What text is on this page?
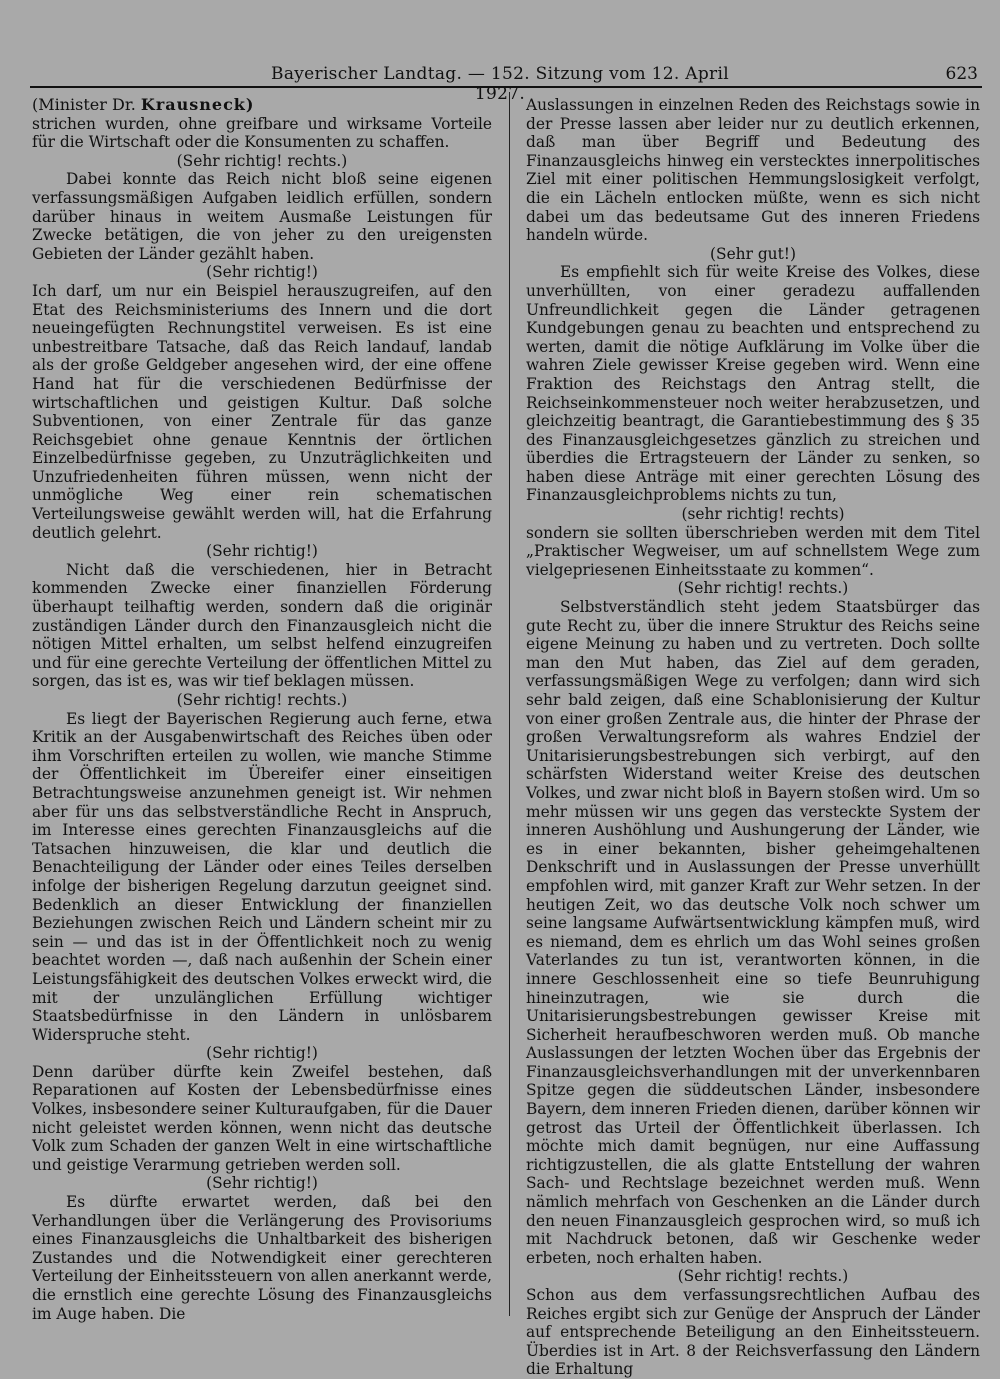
Bayerischer Landtag. — 152. Sitzung vom 12. April 1927.
623

(Minister Dr. Krausneck)

strichen wurden, ohne greifbare und wirksame Vorteile für die Wirtschaft oder die Konsumenten zu schaffen.

(Sehr richtig! rechts.)

Dabei konnte das Reich nicht bloß seine eigenen verfassungsmäßigen Aufgaben leidlich erfüllen, sondern darüber hinaus in weitem Ausmaße Leistungen für Zwecke betätigen, die von jeher zu den ureigensten Gebieten der Länder gezählt haben.

(Sehr richtig!)

Ich darf, um nur ein Beispiel herauszugreifen, auf den Etat des Reichsministeriums des Innern und die dort neueingefügten Rechnungstitel verweisen. Es ist eine unbestreitbare Tatsache, daß das Reich landauf, landab als der große Geldgeber angesehen wird, der eine offene Hand hat für die verschiedenen Bedürfnisse der wirtschaftlichen und geistigen Kultur. Daß solche Subventionen, von einer Zentrale für das ganze Reichsgebiet ohne genaue Kenntnis der örtlichen Einzelbedürfnisse gegeben, zu Unzuträglichkeiten und Unzufriedenheiten führen müssen, wenn nicht der unmögliche Weg einer rein schematischen Verteilungsweise gewählt werden will, hat die Erfahrung deutlich gelehrt.

(Sehr richtig!)

Nicht daß die verschiedenen, hier in Betracht kommenden Zwecke einer finanziellen Förderung überhaupt teilhaftig werden, sondern daß die originär zuständigen Länder durch den Finanzausgleich nicht die nötigen Mittel erhalten, um selbst helfend einzugreifen und für eine gerechte Verteilung der öffentlichen Mittel zu sorgen, das ist es, was wir tief beklagen müssen.

(Sehr richtig! rechts.)

Es liegt der Bayerischen Regierung auch ferne, etwa Kritik an der Ausgabenwirtschaft des Reiches üben oder ihm Vorschriften erteilen zu wollen, wie manche Stimme der Öffentlichkeit im Übereifer einer einseitigen Betrachtungsweise anzunehmen geneigt ist. Wir nehmen aber für uns das selbstverständliche Recht in Anspruch, im Interesse eines gerechten Finanzausgleichs auf die Tatsachen hinzuweisen, die klar und deutlich die Benachteiligung der Länder oder eines Teiles derselben infolge der bisherigen Regelung darzutun geeignet sind. Bedenklich an dieser Entwicklung der finanziellen Beziehungen zwischen Reich und Ländern scheint mir zu sein — und das ist in der Öffentlichkeit noch zu wenig beachtet worden —, daß nach außenhin der Schein einer Leistungsfähigkeit des deutschen Volkes erweckt wird, die mit der unzulänglichen Erfüllung wichtiger Staatsbedürfnisse in den Ländern in unlösbarem Widerspruche steht.

(Sehr richtig!)

Denn darüber dürfte kein Zweifel bestehen, daß Reparationen auf Kosten der Lebensbedürfnisse eines Volkes, insbesondere seiner Kulturaufgaben, für die Dauer nicht geleistet werden können, wenn nicht das deutsche Volk zum Schaden der ganzen Welt in eine wirtschaftliche und geistige Verarmung getrieben werden soll.

(Sehr richtig!)

Es dürfte erwartet werden, daß bei den Verhandlungen über die Verlängerung des Provisoriums eines Finanzausgleichs die Unhaltbarkeit des bisherigen Zustandes und die Notwendigkeit einer gerechteren Verteilung der Einheitssteuern von allen anerkannt werde, die ernstlich eine gerechte Lösung des Finanzausgleichs im Auge haben. Die

Auslassungen in einzelnen Reden des Reichstags sowie in der Presse lassen aber leider nur zu deutlich erkennen, daß man über Begriff und Bedeutung des Finanzausgleichs hinweg ein verstecktes innerpolitisches Ziel mit einer politischen Hemmungslosigkeit verfolgt, die ein Lächeln entlocken müßte, wenn es sich nicht dabei um das bedeutsame Gut des inneren Friedens handeln würde.

(Sehr gut!)

Es empfiehlt sich für weite Kreise des Volkes, diese unverhüllten, von einer geradezu auffallenden Unfreundlichkeit gegen die Länder getragenen Kundgebungen genau zu beachten und entsprechend zu werten, damit die nötige Aufklärung im Volke über die wahren Ziele gewisser Kreise gegeben wird. Wenn eine Fraktion des Reichstags den Antrag stellt, die Reichseinkommensteuer noch weiter herabzusetzen, und gleichzeitig beantragt, die Garantiebestimmung des § 35 des Finanzausgleichgesetzes gänzlich zu streichen und überdies die Ertragsteuern der Länder zu senken, so haben diese Anträge mit einer gerechten Lösung des Finanzausgleichproblems nichts zu tun,

(sehr richtig! rechts)

sondern sie sollten überschrieben werden mit dem Titel „Praktischer Wegweiser, um auf schnellstem Wege zum vielgepriesenen Einheitsstaate zu kommen“.

(Sehr richtig! rechts.)

Selbstverständlich steht jedem Staatsbürger das gute Recht zu, über die innere Struktur des Reichs seine eigene Meinung zu haben und zu vertreten. Doch sollte man den Mut haben, das Ziel auf dem geraden, verfassungsmäßigen Wege zu verfolgen; dann wird sich sehr bald zeigen, daß eine Schablonisierung der Kultur von einer großen Zentrale aus, die hinter der Phrase der großen Verwaltungsreform als wahres Endziel der Unitarisierungsbestrebungen sich verbirgt, auf den schärfsten Widerstand weiter Kreise des deutschen Volkes, und zwar nicht bloß in Bayern stoßen wird. Um so mehr müssen wir uns gegen das versteckte System der inneren Aushöhlung und Aushungerung der Länder, wie es in einer bekannten, bisher geheimgehaltenen Denkschrift und in Auslassungen der Presse unverhüllt empfohlen wird, mit ganzer Kraft zur Wehr setzen. In der heutigen Zeit, wo das deutsche Volk noch schwer um seine langsame Aufwärtsentwicklung kämpfen muß, wird es niemand, dem es ehrlich um das Wohl seines großen Vaterlandes zu tun ist, verantworten können, in die innere Geschlossenheit eine so tiefe Beunruhigung hineinzutragen, wie sie durch die Unitarisierungsbestrebungen gewisser Kreise mit Sicherheit heraufbeschworen werden muß. Ob manche Auslassungen der letzten Wochen über das Ergebnis der Finanzausgleichsverhandlungen mit der unverkennbaren Spitze gegen die süddeutschen Länder, insbesondere Bayern, dem inneren Frieden dienen, darüber können wir getrost das Urteil der Öffentlichkeit überlassen. Ich möchte mich damit begnügen, nur eine Auffassung richtigzustellen, die als glatte Entstellung der wahren Sach- und Rechtslage bezeichnet werden muß. Wenn nämlich mehrfach von Geschenken an die Länder durch den neuen Finanzausgleich gesprochen wird, so muß ich mit Nachdruck betonen, daß wir Geschenke weder erbeten, noch erhalten haben.

(Sehr richtig! rechts.)

Schon aus dem verfassungsrechtlichen Aufbau des Reiches ergibt sich zur Genüge der Anspruch der Länder auf entsprechende Beteiligung an den Einheitssteuern. Überdies ist in Art. 8 der Reichsverfassung den Ländern die Erhaltung
